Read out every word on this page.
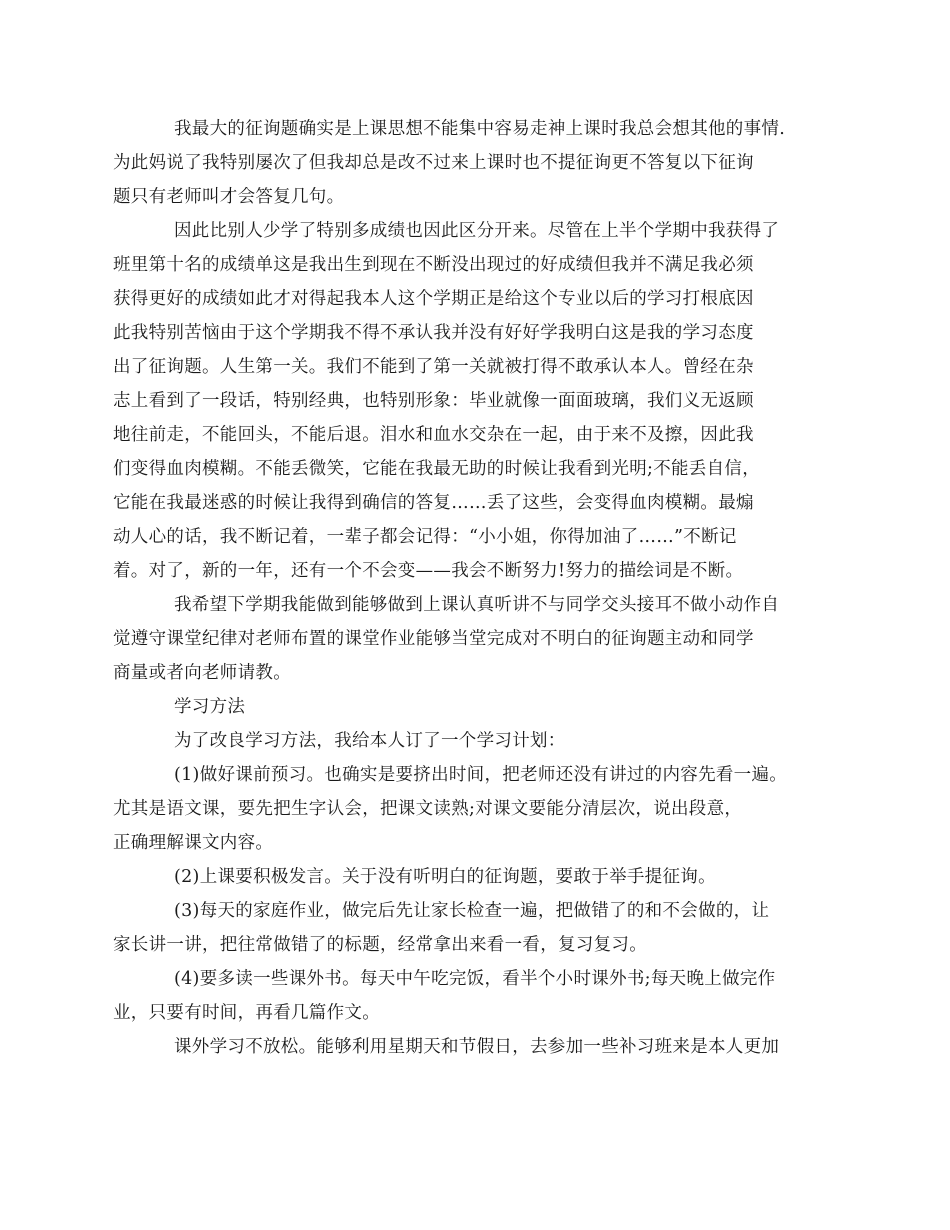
我最大的征询题确实是上课思想不能集中容易走神上课时我总会想其他的事情.
为此妈说了我特别屡次了但我却总是改不过来上课时也不提征询更不答复以下征询
题只有老师叫才会答复几句。
因此比别人少学了特别多成绩也因此区分开来。尽管在上半个学期中我获得了
班里第十名的成绩单这是我出生到现在不断没出现过的好成绩但我并不满足我必须
获得更好的成绩如此才对得起我本人这个学期正是给这个专业以后的学习打根底因
此我特别苦恼由于这个学期我不得不承认我并没有好好学我明白这是我的学习态度
出了征询题。人生第一关。我们不能到了第一关就被打得不敢承认本人。曾经在杂
志上看到了一段话，特别经典，也特别形象：毕业就像一面面玻璃，我们义无返顾
地往前走，不能回头，不能后退。泪水和血水交杂在一起，由于来不及擦，因此我
们变得血肉模糊。不能丢微笑，它能在我最无助的时候让我看到光明;不能丢自信，
它能在我最迷惑的时候让我得到确信的答复……丢了这些，会变得血肉模糊。最煽
动人心的话，我不断记着，一辈子都会记得：“小小姐，你得加油了……”不断记
着。对了，新的一年，还有一个不会变——我会不断努力!努力的描绘词是不断。
我希望下学期我能做到能够做到上课认真听讲不与同学交头接耳不做小动作自
觉遵守课堂纪律对老师布置的课堂作业能够当堂完成对不明白的征询题主动和同学
商量或者向老师请教。
学习方法
为了改良学习方法，我给本人订了一个学习计划：
(1)做好课前预习。也确实是要挤出时间，把老师还没有讲过的内容先看一遍。
尤其是语文课，要先把生字认会，把课文读熟;对课文要能分清层次，说出段意，
正确理解课文内容。
(2)上课要积极发言。关于没有听明白的征询题，要敢于举手提征询。
(3)每天的家庭作业，做完后先让家长检查一遍，把做错了的和不会做的，让
家长讲一讲，把往常做错了的标题，经常拿出来看一看，复习复习。
(4)要多读一些课外书。每天中午吃完饭，看半个小时课外书;每天晚上做完作
业，只要有时间，再看几篇作文。
课外学习不放松。能够利用星期天和节假日，去参加一些补习班来是本人更加
